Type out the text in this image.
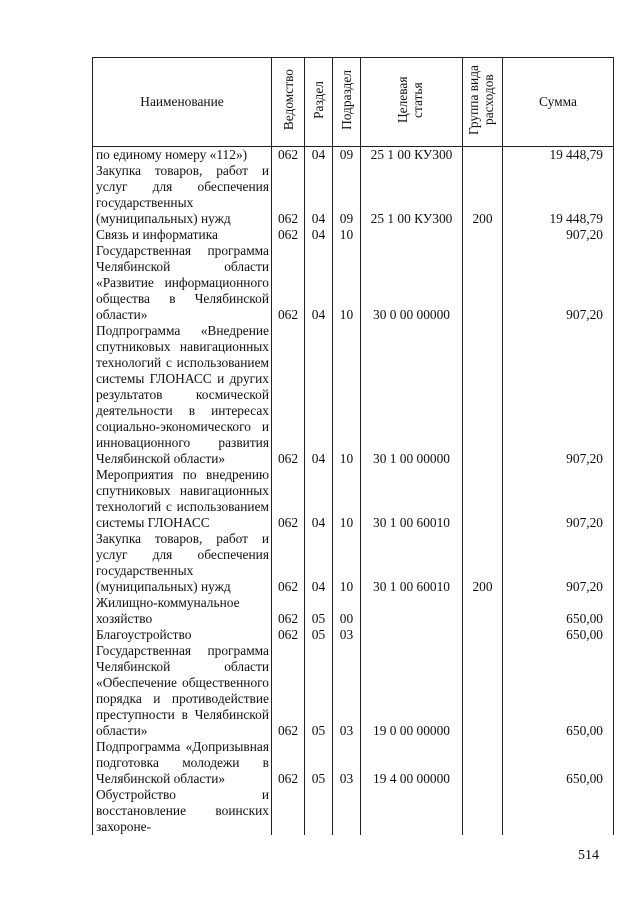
Наименование	Ведомство	Раздел	Подраздел	Целевая статья	Группа вида расходов	Сумма
по единому номеру «112»)	062	04	09	25 1 00 КУ300		19 448,79
Закупка товаров, работ и услуг для обеспечения государственных (муниципальных) нужд	062	04	09	25 1 00 КУ300	200	19 448,79
Связь и информатика	062	04	10			907,20
Государственная программа Челябинской области «Развитие информационного общества в Челябинской области»	062	04	10	30 0 00 00000		907,20
Подпрограмма «Внедрение спутниковых навигационных технологий с использованием системы ГЛОНАСС и других результатов космической деятельности в интересах социально-экономического и инновационного развития Челябинской области»	062	04	10	30 1 00 00000		907,20
Мероприятия по внедрению спутниковых навигационных технологий с использованием системы ГЛОНАСС	062	04	10	30 1 00 60010		907,20
Закупка товаров, работ и услуг для обеспечения государственных (муниципальных) нужд	062	04	10	30 1 00 60010	200	907,20
Жилищно-коммунальное хозяйство	062	05	00			650,00
Благоустройство	062	05	03			650,00
Государственная программа Челябинской области «Обеспечение общественного порядка и противодействие преступности в Челябинской области»	062	05	03	19 0 00 00000		650,00
Подпрограмма «Допризывная подготовка молодежи в Челябинской области»	062	05	03	19 4 00 00000		650,00
Обустройство и восстановление воинских захороне-						
514
